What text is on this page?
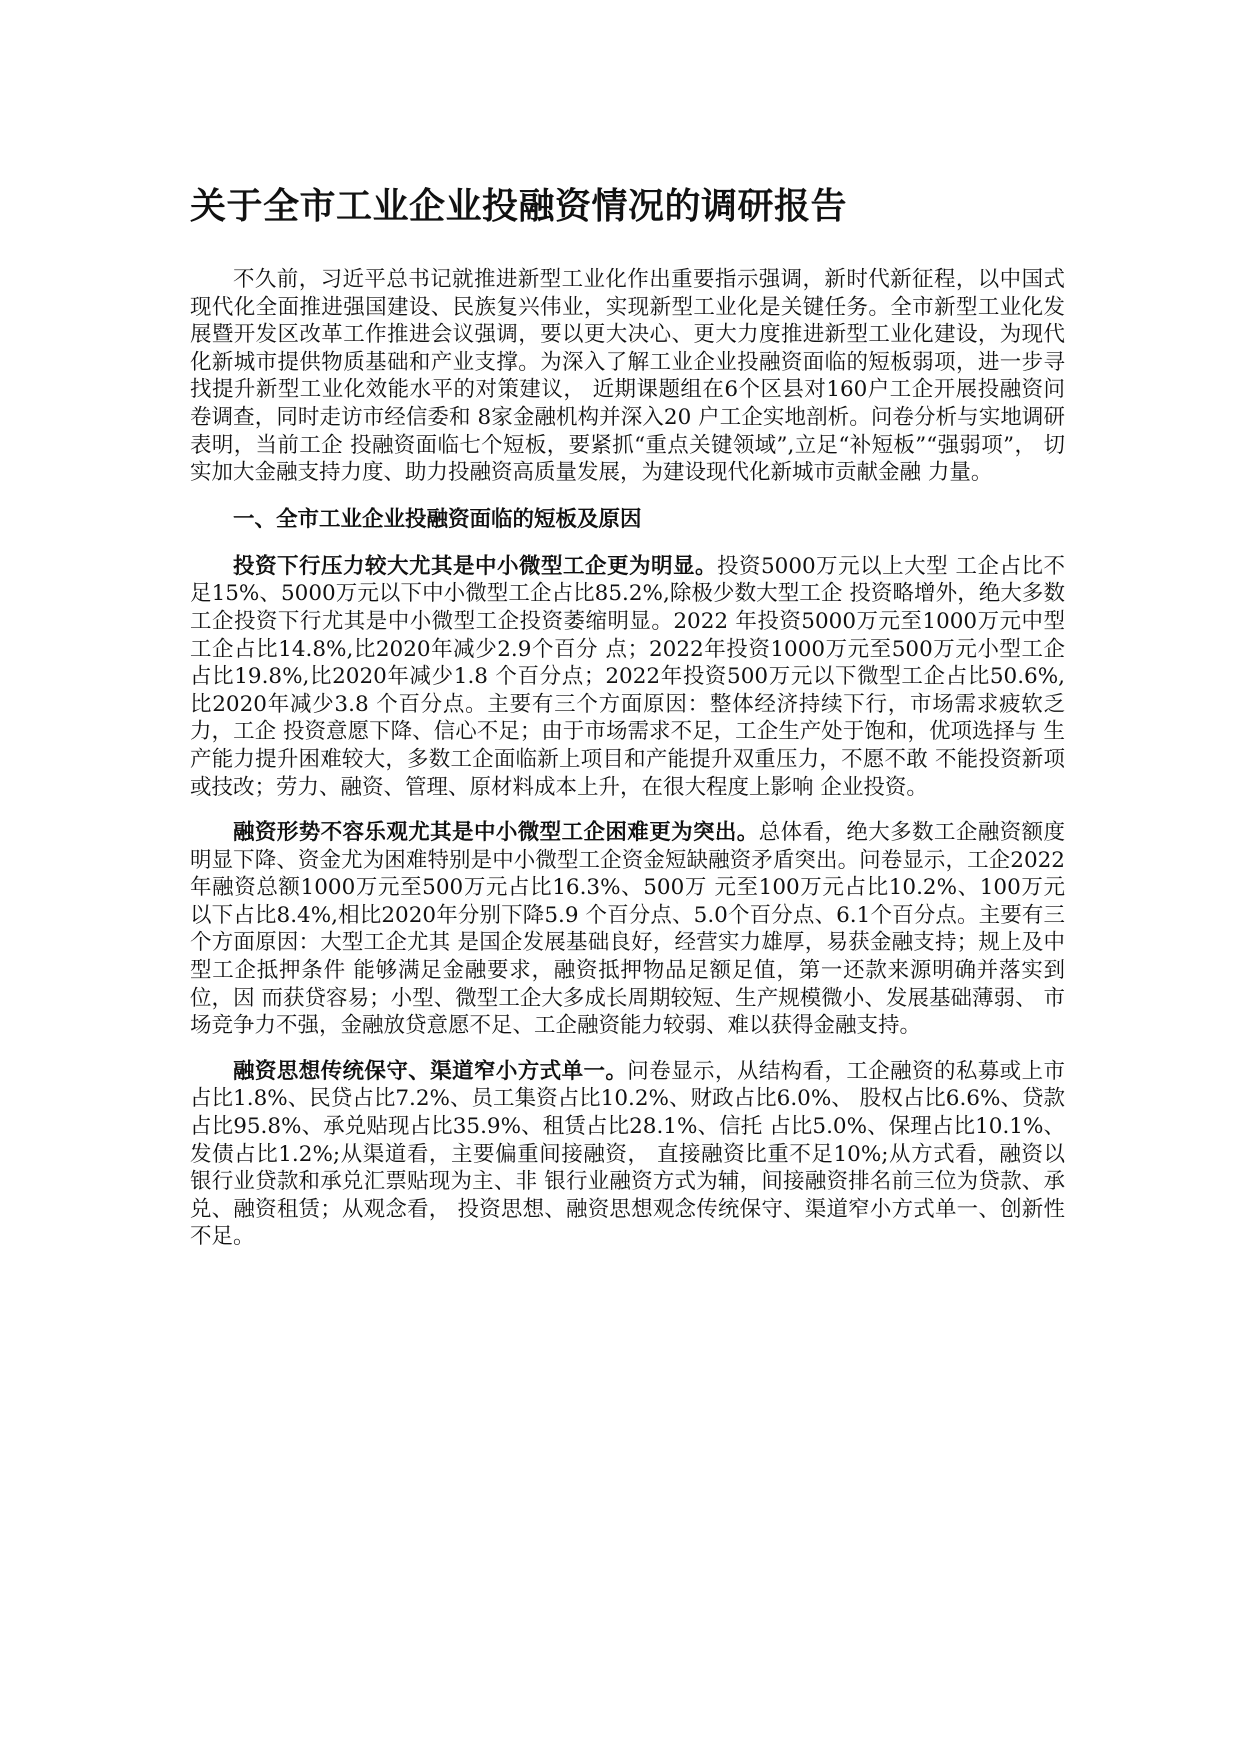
关于全市工业企业投融资情况的调研报告

不久前，习近平总书记就推进新型工业化作出重要指示强调，新时代新征程，以中国式现代化全面推进强国建设、民族复兴伟业，实现新型工业化是关键任务。全市新型工业化发展暨开发区改革工作推进会议强调，要以更大决心、更大力度推进新型工业化建设，为现代化新城市提供物质基础和产业支撑。为深入了解工业企业投融资面临的短板弱项，进一步寻找提升新型工业化效能水平的对策建议， 近期课题组在6个区县对160户工企开展投融资问卷调查，同时走访市经信委和 8家金融机构并深入20 户工企实地剖析。问卷分析与实地调研表明，当前工企 投融资面临七个短板，要紧抓“重点关键领域”,立足“补短板”“强弱项”， 切实加大金融支持力度、助力投融资高质量发展，为建设现代化新城市贡献金融 力量。

一、全市工业企业投融资面临的短板及原因

投资下行压力较大尤其是中小微型工企更为明显。投资5000万元以上大型 工企占比不足15%、5000万元以下中小微型工企占比85.2%,除极少数大型工企 投资略增外，绝大多数工企投资下行尤其是中小微型工企投资萎缩明显。2022 年投资5000万元至1000万元中型工企占比14.8%,比2020年减少2.9个百分 点；2022年投资1000万元至500万元小型工企占比19.8%,比2020年减少1.8 个百分点；2022年投资500万元以下微型工企占比50.6%,比2020年减少3.8 个百分点。主要有三个方面原因：整体经济持续下行，市场需求疲软乏力，工企 投资意愿下降、信心不足；由于市场需求不足，工企生产处于饱和，优项选择与 生产能力提升困难较大，多数工企面临新上项目和产能提升双重压力，不愿不敢 不能投资新项或技改；劳力、融资、管理、原材料成本上升，在很大程度上影响 企业投资。

融资形势不容乐观尤其是中小微型工企困难更为突出。总体看，绝大多数工企融资额度明显下降、资金尤为困难特别是中小微型工企资金短缺融资矛盾突出。问卷显示，工企2022年融资总额1000万元至500万元占比16.3%、500万 元至100万元占比10.2%、100万元以下占比8.4%,相比2020年分别下降5.9 个百分点、5.0个百分点、6.1个百分点。主要有三个方面原因：大型工企尤其 是国企发展基础良好，经营实力雄厚，易获金融支持；规上及中型工企抵押条件 能够满足金融要求，融资抵押物品足额足值，第一还款来源明确并落实到位，因 而获贷容易；小型、微型工企大多成长周期较短、生产规模微小、发展基础薄弱、 市场竞争力不强，金融放贷意愿不足、工企融资能力较弱、难以获得金融支持。

融资思想传统保守、渠道窄小方式单一。问卷显示，从结构看，工企融资的私募或上市占比1.8%、民贷占比7.2%、员工集资占比10.2%、财政占比6.0%、 股权占比6.6%、贷款占比95.8%、承兑贴现占比35.9%、租赁占比28.1%、信托 占比5.0%、保理占比10.1%、发债占比1.2%;从渠道看，主要偏重间接融资， 直接融资比重不足10%;从方式看，融资以银行业贷款和承兑汇票贴现为主、非 银行业融资方式为辅，间接融资排名前三位为贷款、承兑、融资租赁；从观念看， 投资思想、融资思想观念传统保守、渠道窄小方式单一、创新性不足。
